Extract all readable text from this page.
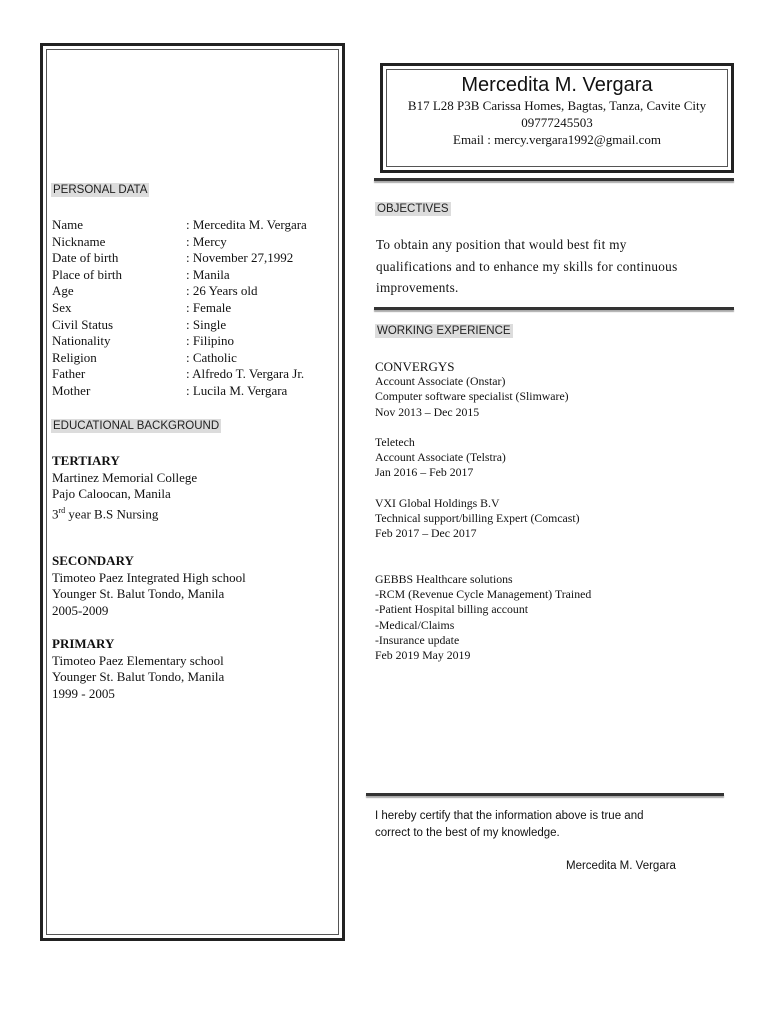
PERSONAL DATA
Name	: Mercedita M. Vergara
Nickname	: Mercy
Date of birth	: November 27,1992
Place of birth	: Manila
Age	: 26 Years old
Sex	: Female
Civil Status	: Single
Nationality	: Filipino
Religion	: Catholic
Father	: Alfredo T. Vergara Jr.
Mother	: Lucila M. Vergara
EDUCATIONAL BACKGROUND
TERTIARY
Martinez Memorial College
Pajo Caloocan, Manila
3rd year B.S Nursing
SECONDARY
Timoteo Paez Integrated High school
Younger St. Balut Tondo, Manila
2005-2009
PRIMARY
Timoteo Paez Elementary school
Younger St. Balut Tondo, Manila
1999 - 2005
Mercedita M. Vergara
B17 L28 P3B Carissa Homes, Bagtas, Tanza, Cavite City
09777245503
Email : mercy.vergara1992@gmail.com
OBJECTIVES
To obtain any position that would best fit my
qualifications and to enhance my skills for continuous
improvements.
WORKING EXPERIENCE
CONVERGYS
Account Associate (Onstar)
Computer software specialist (Slimware)
Nov 2013 – Dec 2015
Teletech
Account Associate (Telstra)
Jan 2016 – Feb 2017
VXI Global Holdings B.V
Technical support/billing Expert (Comcast)
Feb 2017 – Dec 2017
GEBBS Healthcare solutions
-RCM (Revenue Cycle Management) Trained
-Patient Hospital billing account
-Medical/Claims
-Insurance update
Feb 2019 May 2019
I hereby certify that the information above is true and
correct to the best of my knowledge.
Mercedita M. Vergara
